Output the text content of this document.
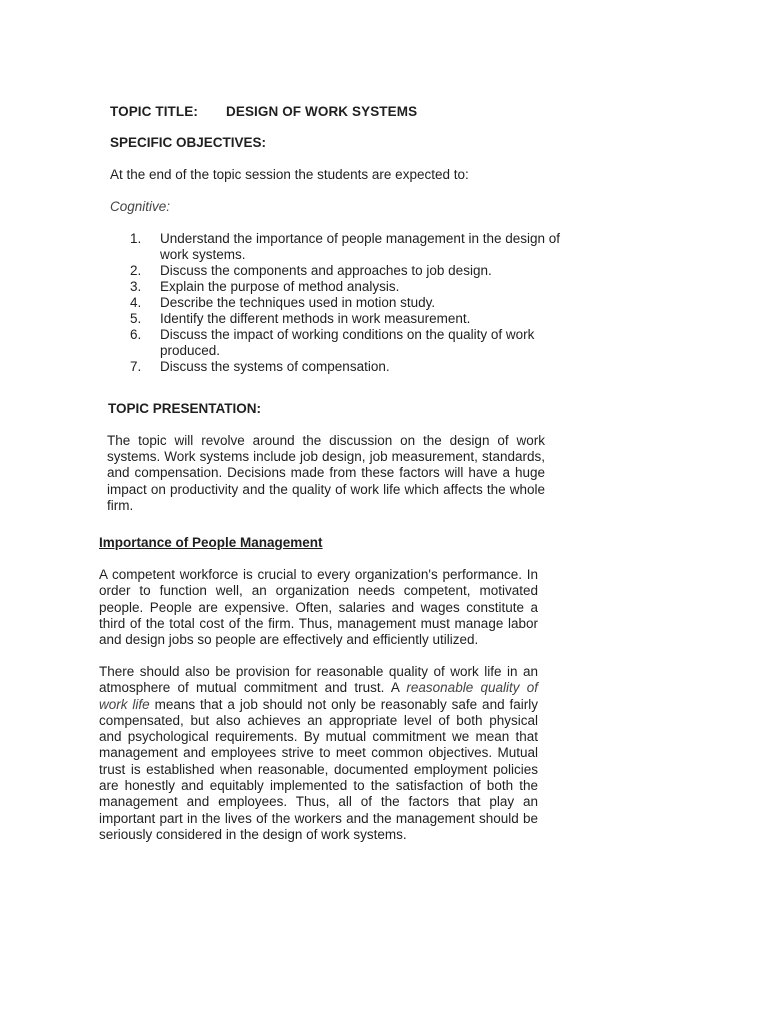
TOPIC TITLE: DESIGN OF WORK SYSTEMS
SPECIFIC OBJECTIVES:
At the end of the topic session the students are expected to:
Cognitive:
1.	Understand the importance of people management in the design of work systems.
2.	Discuss the components and approaches to job design.
3.	Explain the purpose of method analysis.
4.	Describe the techniques used in motion study.
5.	Identify the different methods in work measurement.
6.	Discuss the impact of working conditions on the quality of work produced.
7.	Discuss the systems of compensation.
TOPIC PRESENTATION:
The topic will revolve around the discussion on the design of work systems. Work systems include job design, job measurement, standards, and compensation. Decisions made from these factors will have a huge impact on productivity and the quality of work life which affects the whole firm.
Importance of People Management
A competent workforce is crucial to every organization's performance. In order to function well, an organization needs competent, motivated people. People are expensive. Often, salaries and wages constitute a third of the total cost of the firm. Thus, management must manage labor and design jobs so people are effectively and efficiently utilized.
There should also be provision for reasonable quality of work life in an atmosphere of mutual commitment and trust. A reasonable quality of work life means that a job should not only be reasonably safe and fairly compensated, but also achieves an appropriate level of both physical and psychological requirements. By mutual commitment we mean that management and employees strive to meet common objectives. Mutual trust is established when reasonable, documented employment policies are honestly and equitably implemented to the satisfaction of both the management and employees. Thus, all of the factors that play an important part in the lives of the workers and the management should be seriously considered in the design of work systems.
